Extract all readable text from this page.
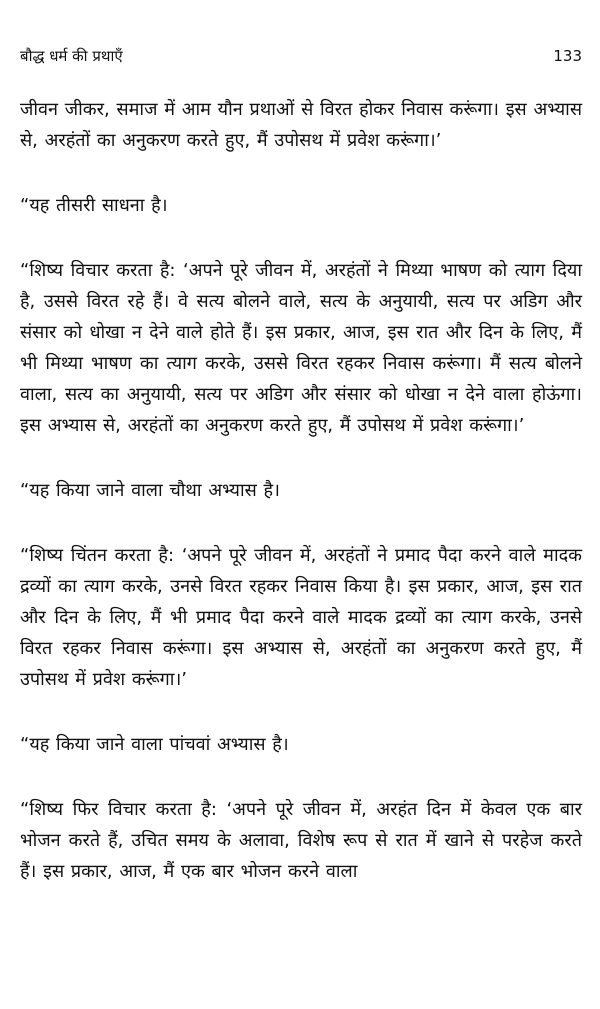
बौद्ध धर्म की प्रथाएँ	133

जीवन जीकर, समाज में आम यौन प्रथाओं से विरत होकर निवास करूंगा। इस अभ्यास से, अरहंतों का अनुकरण करते हुए, मैं उपोसथ में प्रवेश करूंगा।’

“यह तीसरी साधना है।

“शिष्य विचार करता है: ‘अपने पूरे जीवन में, अरहंतों ने मिथ्या भाषण को त्याग दिया है, उससे विरत रहे हैं। वे सत्य बोलने वाले, सत्य के अनुयायी, सत्य पर अडिग और संसार को धोखा न देने वाले होते हैं। इस प्रकार, आज, इस रात और दिन के लिए, मैं भी मिथ्या भाषण का त्याग करके, उससे विरत रहकर निवास करूंगा। मैं सत्य बोलने वाला, सत्य का अनुयायी, सत्य पर अडिग और संसार को धोखा न देने वाला होऊंगा। इस अभ्यास से, अरहंतों का अनुकरण करते हुए, मैं उपोसथ में प्रवेश करूंगा।’

“यह किया जाने वाला चौथा अभ्यास है।

“शिष्य चिंतन करता है: ‘अपने पूरे जीवन में, अरहंतों ने प्रमाद पैदा करने वाले मादक द्रव्यों का त्याग करके, उनसे विरत रहकर निवास किया है। इस प्रकार, आज, इस रात और दिन के लिए, मैं भी प्रमाद पैदा करने वाले मादक द्रव्यों का त्याग करके, उनसे विरत रहकर निवास करूंगा। इस अभ्यास से, अरहंतों का अनुकरण करते हुए, मैं उपोसथ में प्रवेश करूंगा।’

“यह किया जाने वाला पांचवां अभ्यास है।

“शिष्य फिर विचार करता है: ‘अपने पूरे जीवन में, अरहंत दिन में केवल एक बार भोजन करते हैं, उचित समय के अलावा, विशेष रूप से रात में खाने से परहेज करते हैं। इस प्रकार, आज, मैं एक बार भोजन करने वाला
